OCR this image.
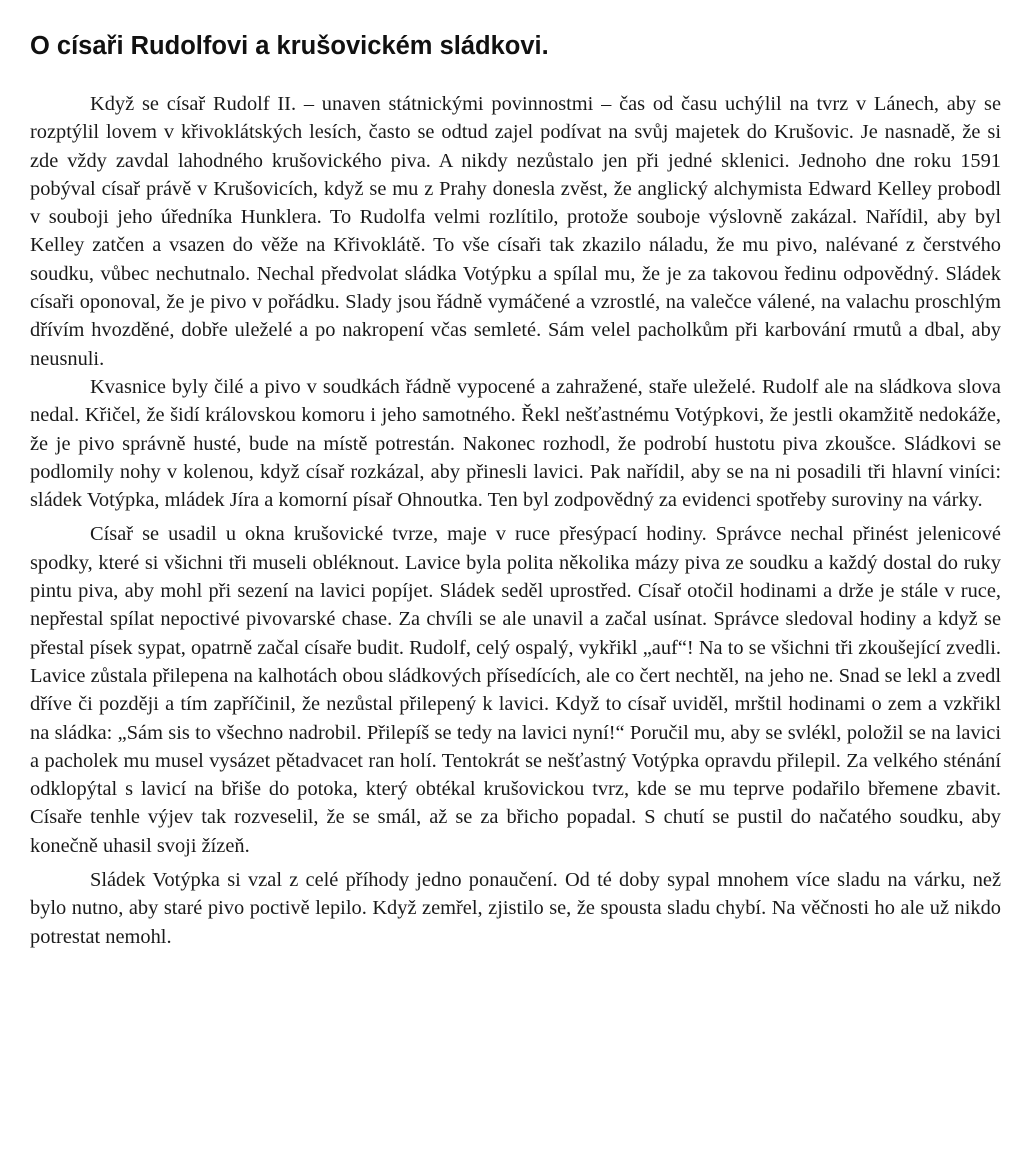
O císaři Rudolfovi a krušovickém sládkovi.

Když se císař Rudolf II. – unaven státnickými povinnostmi – čas od času uchýlil na tvrz v Lánech, aby se rozptýlil lovem v křivoklátských lesích, často se odtud zajel podívat na svůj majetek do Krušovic. Je nasnadě, že si zde vždy zavdal lahodného krušovického piva. A nikdy nezůstalo jen při jedné sklenici. Jednoho dne roku 1591 pobýval císař právě v Krušovicích, když se mu z Prahy donesla zvěst, že anglický alchymista Edward Kelley probodl v souboji jeho úředníka Hunklera. To Rudolfa velmi rozlítilo, protože souboje výslovně zakázal. Nařídil, aby byl Kelley zatčen a vsazen do věže na Křivoklátě. To vše císaři tak zkazilo náladu, že mu pivo, nalévané z čerstvého soudku, vůbec nechutnalo. Nechal předvolat sládka Votýpku a spílal mu, že je za takovou ředinu odpovědný. Sládek císaři oponoval, že je pivo v pořádku. Slady jsou řádně vymáčené a vzrostlé, na valečce válené, na valachu proschlým dřívím hvozděné, dobře uleželé a po nakropení včas semleté. Sám velel pacholkům při karbování rmutů a dbal, aby neusnuli.

Kvasnice byly čilé a pivo v soudkách řádně vypocené a zahražené, staře uleželé. Rudolf ale na sládkova slova nedal. Křičel, že šidí královskou komoru i jeho samotného. Řekl nešťastnému Votýpkovi, že jestli okamžitě nedokáže, že je pivo správně husté, bude na místě potrestán. Nakonec rozhodl, že podrobí hustotu piva zkoušce. Sládkovi se podlomily nohy v kolenou, když císař rozkázal, aby přinesli lavici. Pak nařídil, aby se na ni posadili tři hlavní viníci: sládek Votýpka, mládek Jíra a komorní písař Ohnoutka. Ten byl zodpovědný za evidenci spotřeby suroviny na várky.

Císař se usadil u okna krušovické tvrze, maje v ruce přesýpací hodiny. Správce nechal přinést jelenicové spodky, které si všichni tři museli obléknout. Lavice byla polita několika mázy piva ze soudku a každý dostal do ruky pintu piva, aby mohl při sezení na lavici popíjet. Sládek seděl uprostřed. Císař otočil hodinami a drže je stále v ruce, nepřestal spílat nepoctivé pivovarské chase. Za chvíli se ale unavil a začal usínat. Správce sledoval hodiny a když se přestal písek sypat, opatrně začal císaře budit. Rudolf, celý ospalý, vykřikl „auf“! Na to se všichni tři zkoušející zvedli. Lavice zůstala přilepena na kalhotách obou sládkových přísedících, ale co čert nechtěl, na jeho ne. Snad se lekl a zvedl dříve či později a tím zapříčinil, že nezůstal přilepený k lavici. Když to císař uviděl, mrštil hodinami o zem a vzkřikl na sládka: „Sám sis to všechno nadrobil. Přilepíš se tedy na lavici nyní!“ Poručil mu, aby se svlékl, položil se na lavici a pacholek mu musel vysázet pětadvacet ran holí. Tentokrát se nešťastný Votýpka opravdu přilepil. Za velkého sténání odklopýtal s lavicí na břiše do potoka, který obtékal krušovickou tvrz, kde se mu teprve podařilo břemene zbavit. Císaře tenhle výjev tak rozveselil, že se smál, až se za břicho popadal. S chutí se pustil do načatého soudku, aby konečně uhasil svoji žízeň.

Sládek Votýpka si vzal z celé příhody jedno ponaučení. Od té doby sypal mnohem více sladu na várku, než bylo nutno, aby staré pivo poctivě lepilo. Když zemřel, zjistilo se, že spousta sladu chybí. Na věčnosti ho ale už nikdo potrestat nemohl.
